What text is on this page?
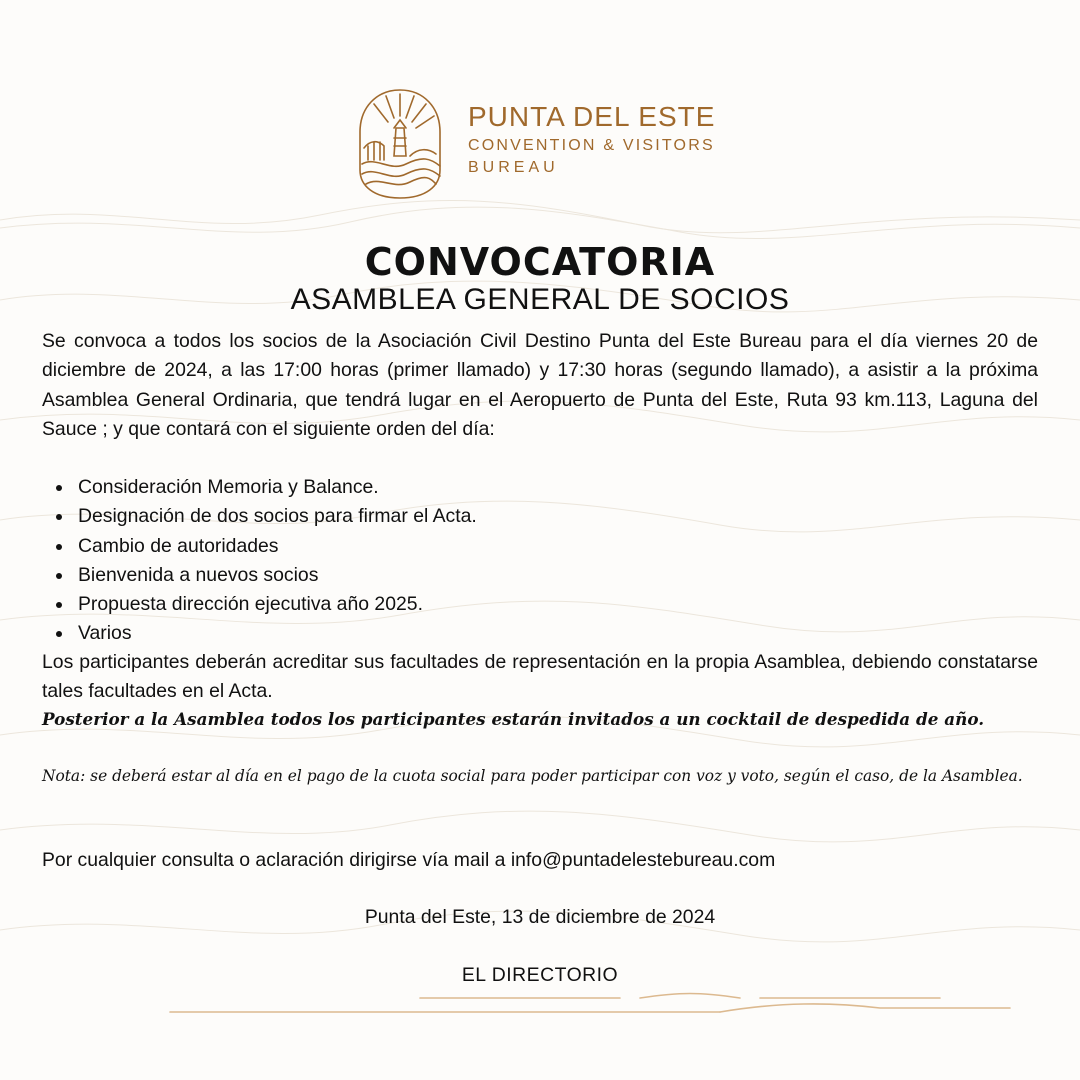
PUNTA DEL ESTE
CONVENTION & VISITORS
BUREAU
CONVOCATORIA
ASAMBLEA GENERAL DE SOCIOS

Se convoca a todos los socios de la Asociación Civil Destino Punta del Este Bureau para el día viernes 20 de diciembre de 2024, a las 17:00 horas (primer llamado) y 17:30 horas (segundo llamado), a asistir a la próxima Asamblea General Ordinaria, que tendrá lugar en el Aeropuerto de Punta del Este, Ruta 93 km.113, Laguna del Sauce ; y que contará con el siguiente orden del día:

Consideración Memoria y Balance.
Designación de dos socios para firmar el Acta.
Cambio de autoridades
Bienvenida a nuevos socios
Propuesta dirección ejecutiva año 2025.
Varios

Los participantes deberán acreditar sus facultades de representación en la propia Asamblea, debiendo constatarse tales facultades en el Acta.

Posterior a la Asamblea todos los participantes estarán invitados a un cocktail de despedida de año.

Nota: se deberá estar al día en el pago de la cuota social para poder participar con voz y voto, según el caso, de la Asamblea.

Por cualquier consulta o aclaración dirigirse vía mail a info@puntadelestebureau.com
Punta del Este, 13 de diciembre de 2024
EL DIRECTORIO
